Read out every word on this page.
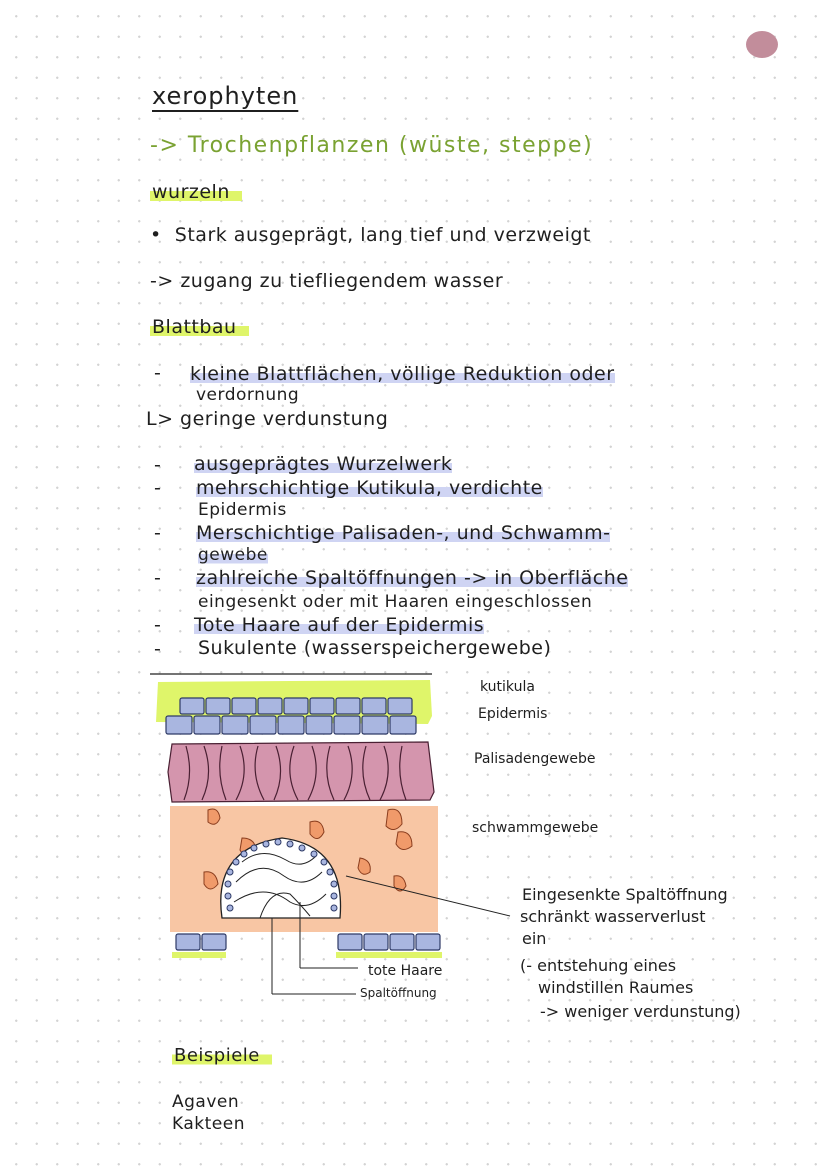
xerophyten
-> Trochenpflanzen (wüste, steppe)
wurzeln
•  Stark ausgeprägt, lang tief und verzweigt
-> zugang zu tiefliegendem wasser
Blattbau
- kleine Blattflächen, völlige Reduktion oder
verdornung
L> geringe verdunstung
- ausgeprägtes Wurzelwerk
- mehrschichtige Kutikula, verdichte
Epidermis
- Merschichtige Palisaden-, und Schwamm-
gewebe
- zahlreiche Spaltöffnungen -> in Oberfläche
eingesenkt oder mit Haaren eingeschlossen
- Tote Haare auf der Epidermis
- Sukulente (wasserspeichergewebe)
kutikula
Epidermis
Palisadengewebe
schwammgewebe
tote Haare
Spaltöffnung
Eingesenkte Spaltöffnung
schränkt wasserverlust
ein
(- entstehung eines
windstillen Raumes
-> weniger verdunstung)
Beispiele
Agaven
Kakteen
